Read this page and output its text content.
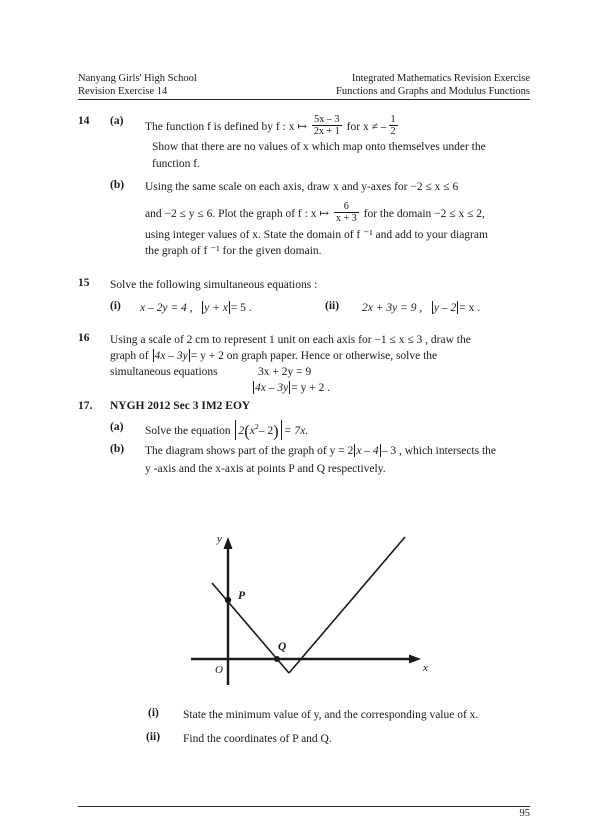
Nanyang Girls' High School	Integrated Mathematics Revision Exercise
Revision Exercise 14	Functions and Graphs and Modulus Functions
14 (a) The function f is defined by f : x ↦ $\frac{5x - 3}{2x + 1}$ for x ≠ – $\frac{1}{2}$
Show that there are no values of x which map onto themselves under the function f.
(b) Using the same scale on each axis, draw x and y-axes for −2 ≤ x ≤ 6
and −2 ≤ y ≤ 6. Plot the graph of f : x ↦ $\frac{6}{x + 3}$ for the domain −2 ≤ x ≤ 2,
using integer values of x. State the domain of f ⁻¹ and add to your diagram
the graph of f ⁻¹ for the given domain.
15 Solve the following simultaneous equations :
(i) x – 2y = 4 , y + x = 5 .	(ii) 2x + 3y = 9 , y – 2 = x .
16 Using a scale of 2 cm to represent 1 unit on each axis for −1 ≤ x ≤ 3 , draw the
graph of 4x – 3y = y + 2 on graph paper. Hence or otherwise, solve the
simultaneous equations	3x + 2y = 9
4x – 3y = y + 2 .
17. NYGH 2012 Sec 3 IM2 EOY
(a) Solve the equation $2(x^2-$ 2) = 7x.
(b) The diagram shows part of the graph of y = 2 x – 4 – 3 , which intersects the
y -axis and the x-axis at points P and Q respectively.
y
x
O
P
Q
(i) State the minimum value of y, and the corresponding value of x.
(ii) Find the coordinates of P and Q.
95
